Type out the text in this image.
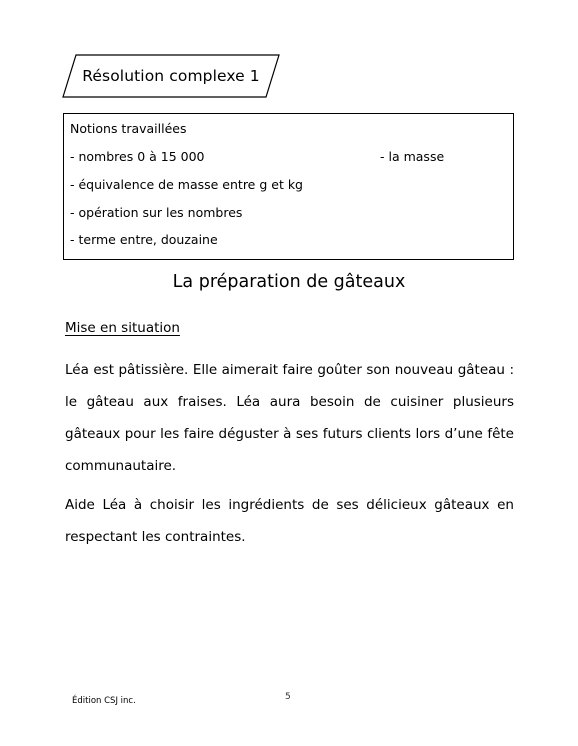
Résolution complexe 1
Notions travaillées
- nombres 0 à 15 000	- la masse
- équivalence de masse entre g et kg
- opération sur les nombres
- terme entre, douzaine
La préparation de gâteaux
Mise en situation

Léa est pâtissière. Elle aimerait faire goûter son nouveau gâteau : le gâteau aux fraises. Léa aura besoin de cuisiner plusieurs gâteaux pour les faire déguster à ses futurs clients lors d’une fête communautaire.

Aide Léa à choisir les ingrédients de ses délicieux gâteaux en respectant les contraintes.

Édition CSJ inc.	5
